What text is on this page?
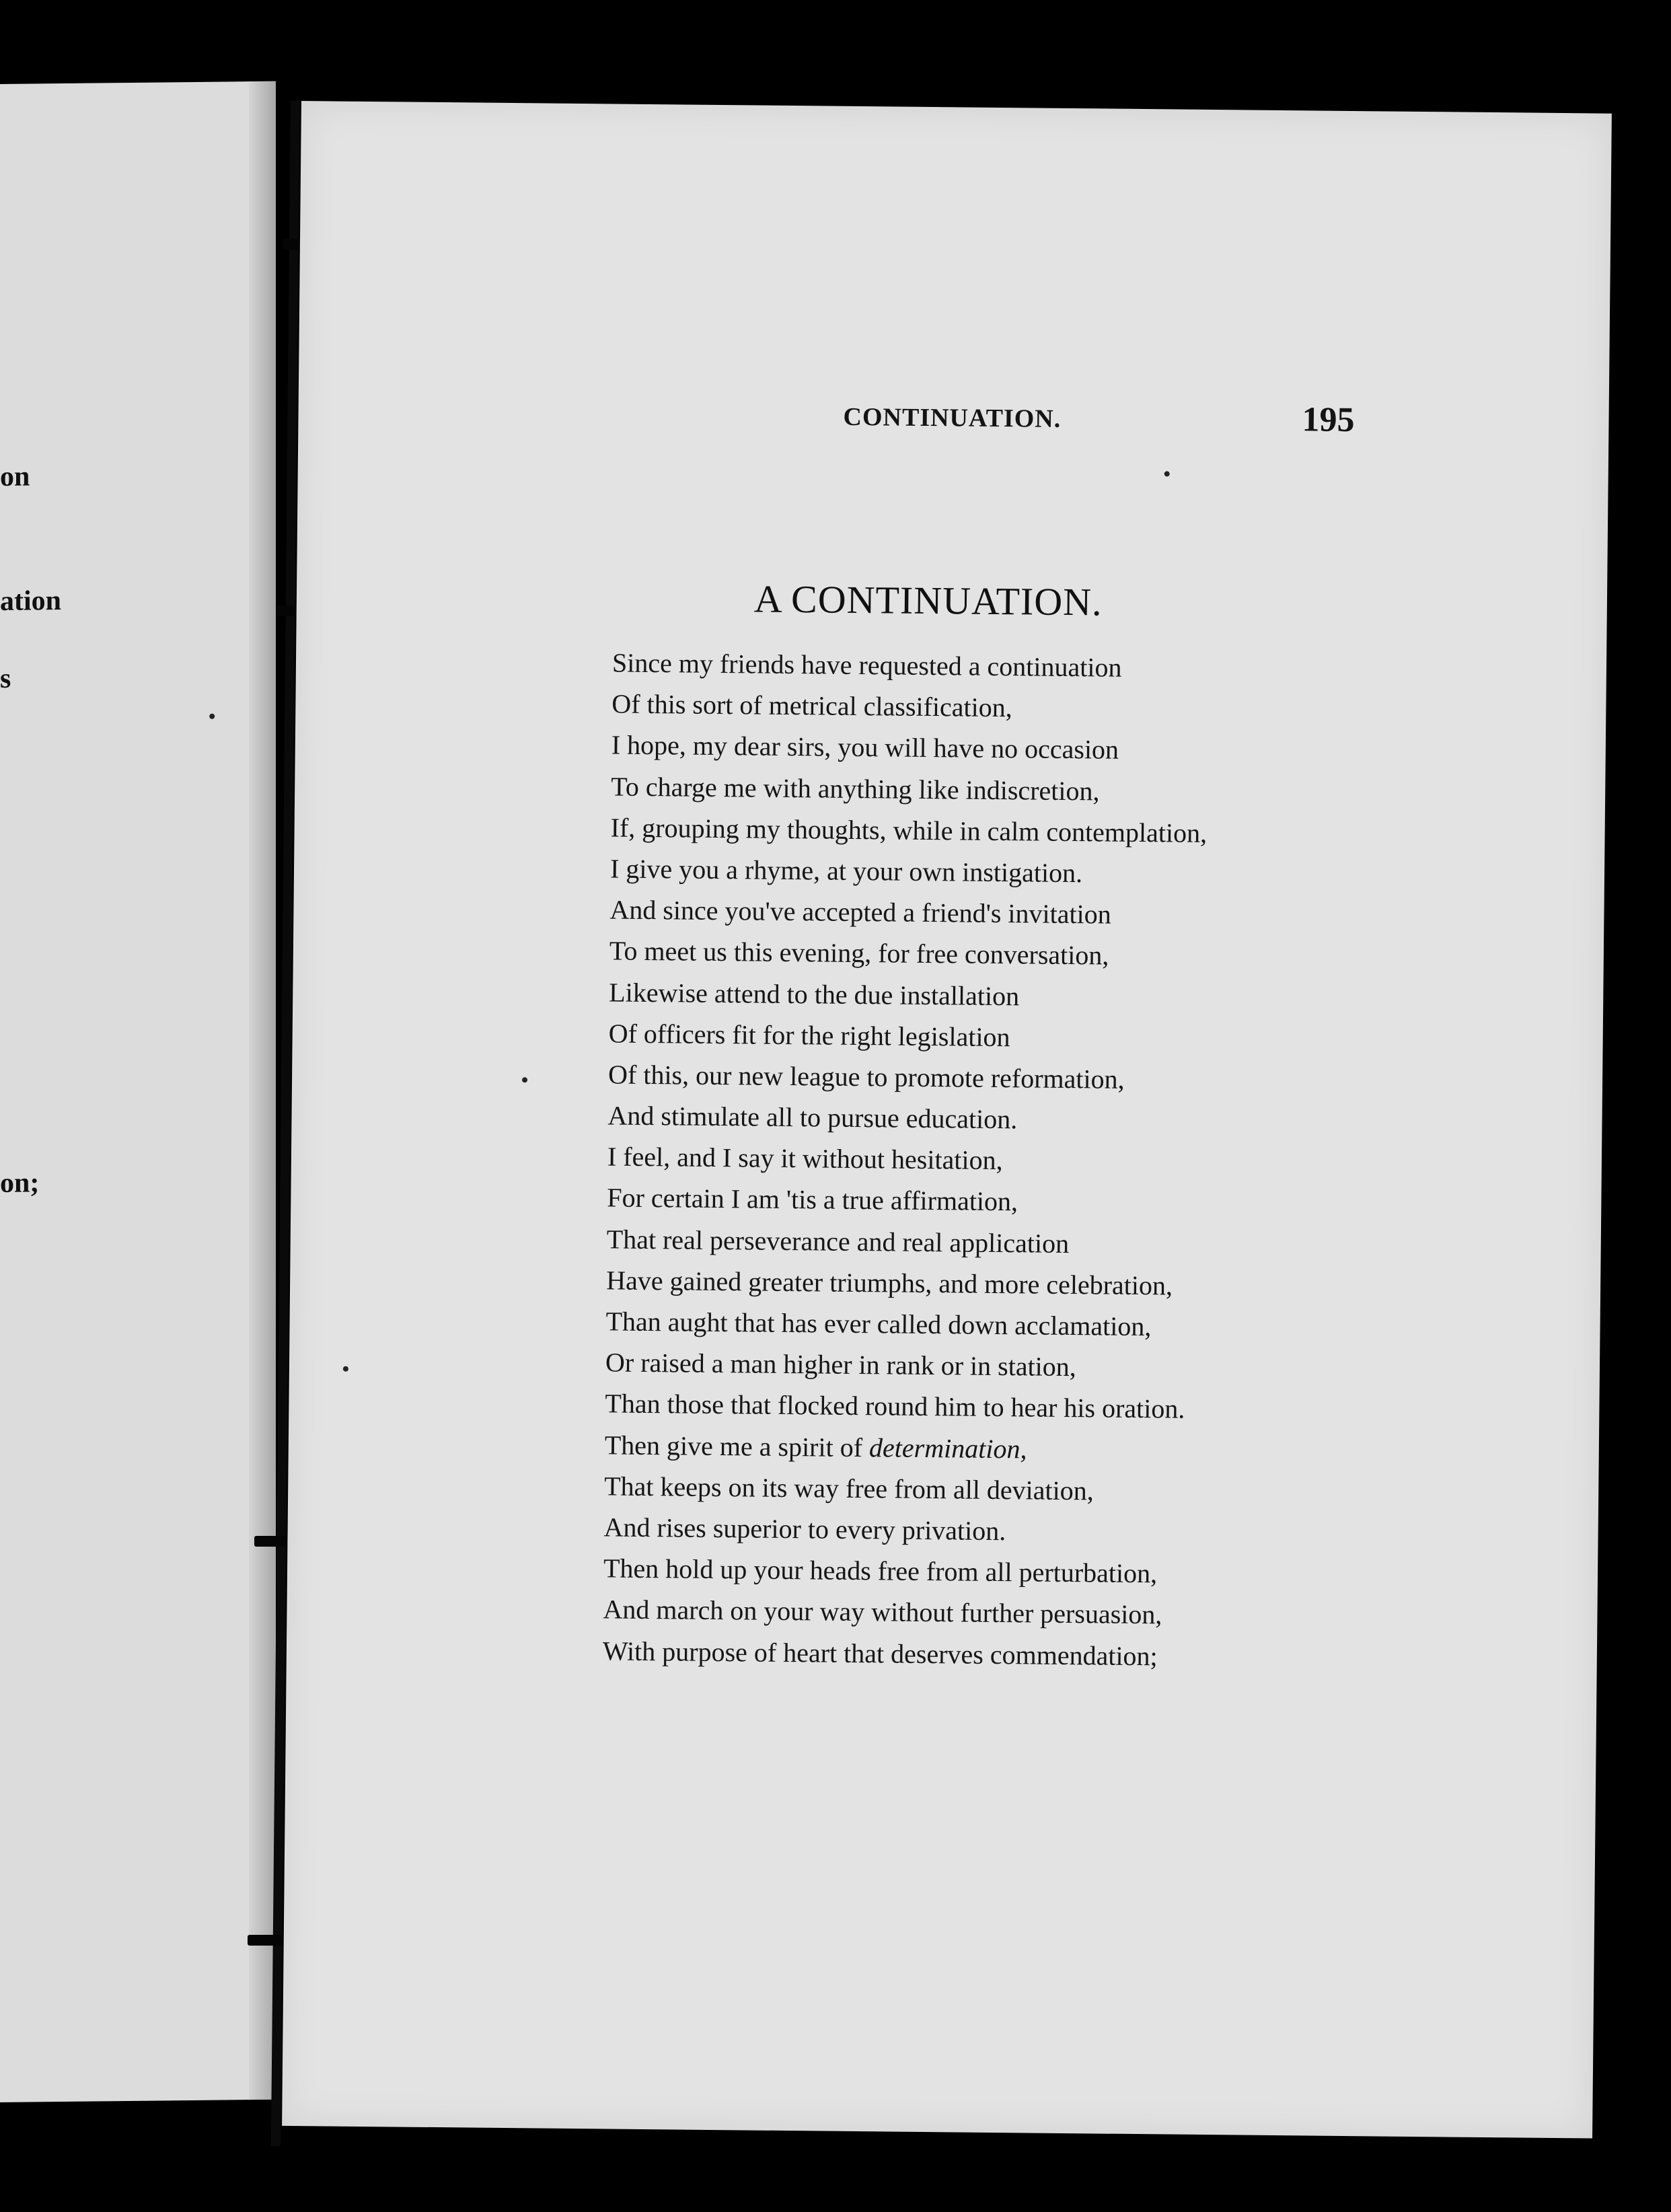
on
ation
s
on;
CONTINUATION.	195
A CONTINUATION.
Since my friends have requested a continuation
Of this sort of metrical classification,
I hope, my dear sirs, you will have no occasion
To charge me with anything like indiscretion,
If, grouping my thoughts, while in calm contemplation,
I give you a rhyme, at your own instigation.
And since you've accepted a friend's invitation
To meet us this evening, for free conversation,
Likewise attend to the due installation
Of officers fit for the right legislation
Of this, our new league to promote reformation,
And stimulate all to pursue education.
I feel, and I say it without hesitation,
For certain I am 'tis a true affirmation,
That real perseverance and real application
Have gained greater triumphs, and more celebration,
Than aught that has ever called down acclamation,
Or raised a man higher in rank or in station,
Than those that flocked round him to hear his oration.
Then give me a spirit of determination,
That keeps on its way free from all deviation,
And rises superior to every privation.
Then hold up your heads free from all perturbation,
And march on your way without further persuasion,
With purpose of heart that deserves commendation;
